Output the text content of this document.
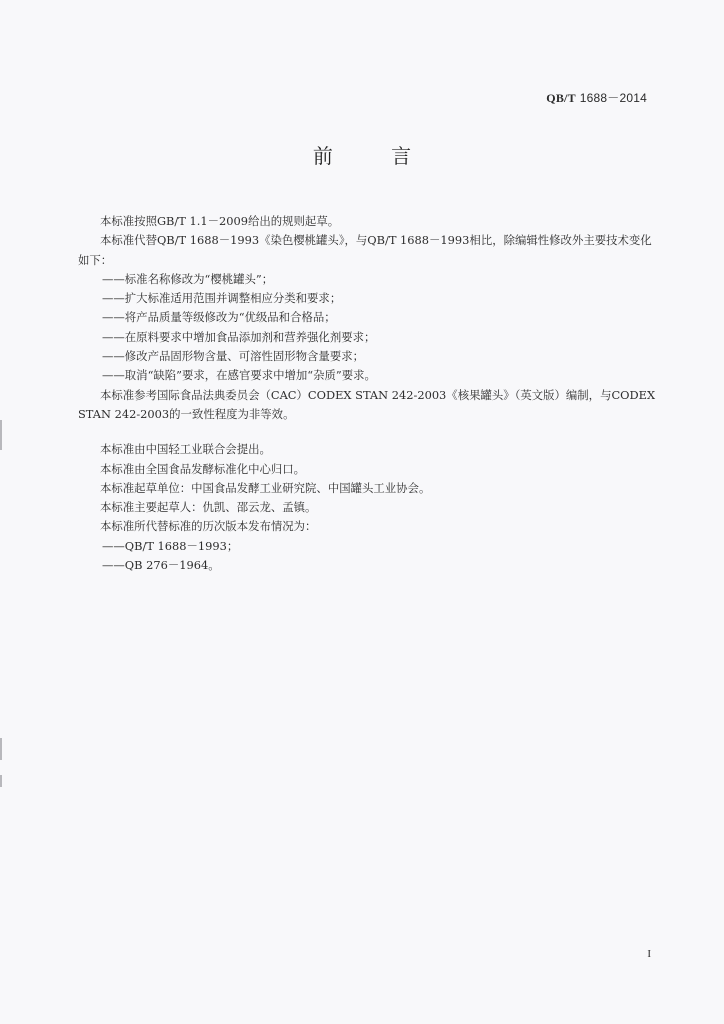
QB/T 1688－2014
前 言

本标准按照GB/T 1.1－2009给出的规则起草。

本标准代替QB/T 1688－1993《染色樱桃罐头》，与QB/T 1688－1993相比，除编辑性修改外主要技术变化如下：

——标准名称修改为“樱桃罐头”；

——扩大标准适用范围并调整相应分类和要求；

——将产品质量等级修改为“优级品和合格品；

——在原料要求中增加食品添加剂和营养强化剂要求；

——修改产品固形物含量、可溶性固形物含量要求；

——取消“缺陷”要求，在感官要求中增加“杂质”要求。

本标准参考国际食品法典委员会（CAC）CODEX STAN 242-2003《核果罐头》（英文版）编制，与CODEX STAN 242-2003的一致性程度为非等效。

本标准由中国轻工业联合会提出。

本标准由全国食品发酵标准化中心归口。

本标准起草单位：中国食品发酵工业研究院、中国罐头工业协会。

本标准主要起草人：仇凯、邵云龙、孟镇。

本标准所代替标准的历次版本发布情况为：

——QB/T 1688－1993；

——QB 276－1964。

I
